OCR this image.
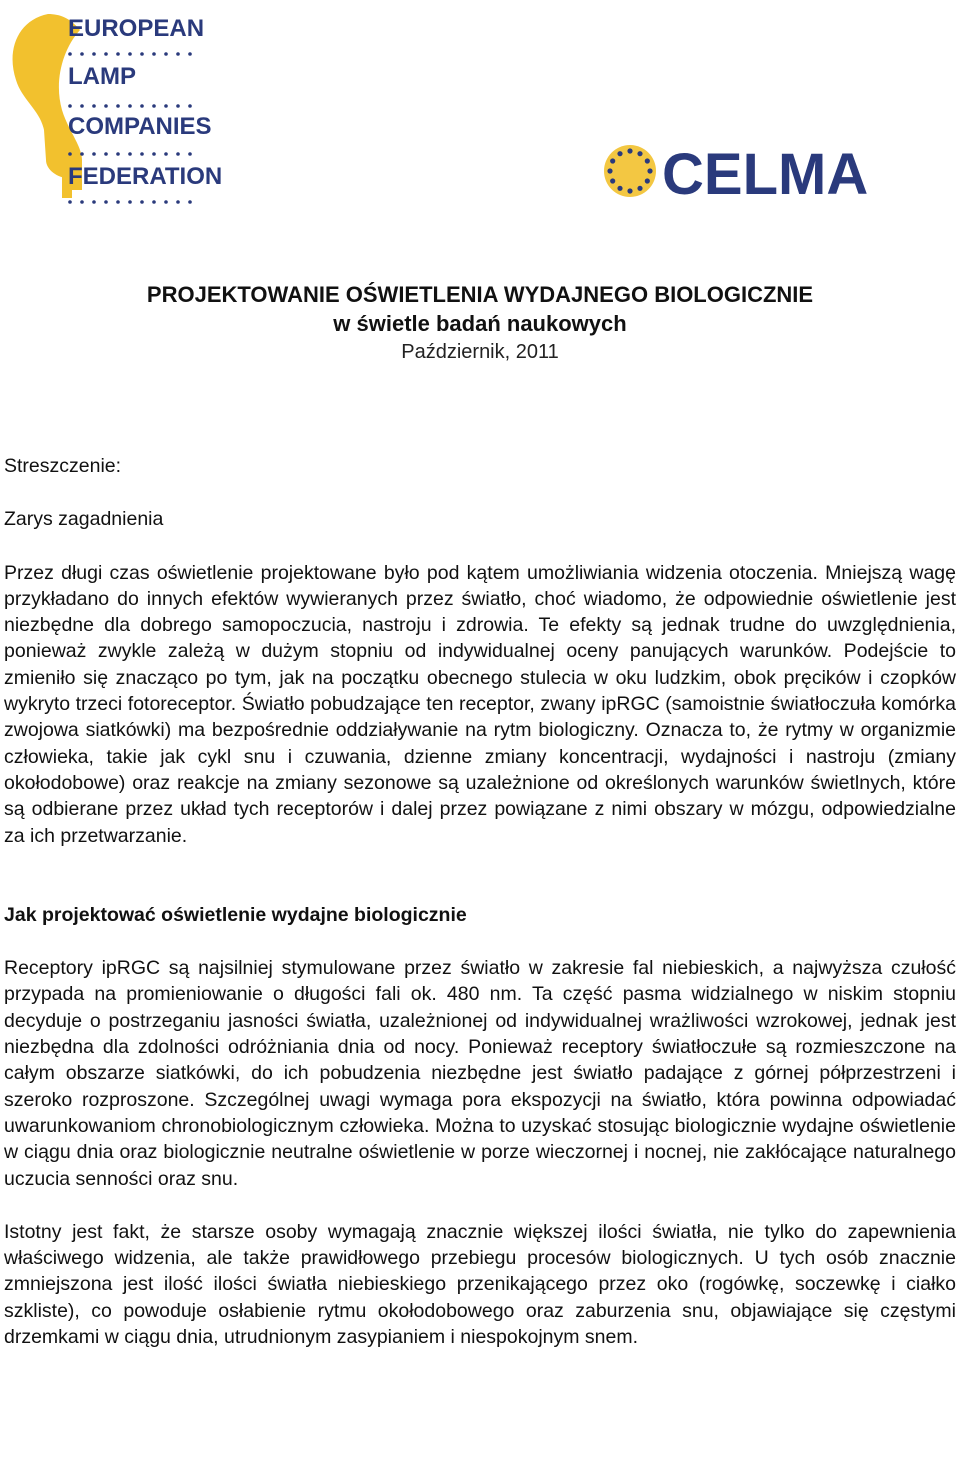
EUROPEAN
LAMP
COMPANIES
FEDERATION	CELMA

PROJEKTOWANIE OŚWIETLENIA WYDAJNEGO BIOLOGICZNIE

w świetle badań naukowych

Październik, 2011

Streszczenie:

Zarys zagadnienia

Przez długi czas oświetlenie projektowane było pod kątem umożliwiania widzenia otoczenia. Mniejszą wagę przykładano do innych efektów wywieranych przez światło, choć wiadomo, że odpowiednie oświetlenie jest niezbędne dla dobrego samopoczucia, nastroju i zdrowia. Te efekty są jednak trudne do uwzględnienia, ponieważ zwykle zależą w dużym stopniu od indywidualnej oceny panujących warunków. Podejście to zmieniło się znacząco po tym, jak na początku obecnego stulecia w oku ludzkim, obok pręcików i czopków wykryto trzeci fotoreceptor. Światło pobudzające ten receptor, zwany ipRGC (samoistnie światłoczuła komórka zwojowa siatkówki) ma bezpośrednie oddziaływanie na rytm biologiczny. Oznacza to, że rytmy w organizmie człowieka, takie jak cykl snu i czuwania, dzienne zmiany koncentracji, wydajności i nastroju (zmiany okołodobowe) oraz reakcje na zmiany sezonowe są uzależnione od określonych warunków świetlnych, które są odbierane przez układ tych receptorów i dalej przez powiązane z nimi obszary w mózgu, odpowiedzialne za ich przetwarzanie.

Jak projektować oświetlenie wydajne biologicznie

Receptory ipRGC są najsilniej stymulowane przez światło w zakresie fal niebieskich, a najwyższa czułość przypada na promieniowanie o długości fali ok. 480 nm. Ta część pasma widzialnego w niskim stopniu decyduje o postrzeganiu jasności światła, uzależnionej od indywidualnej wrażliwości wzrokowej, jednak jest niezbędna dla zdolności odróżniania dnia od nocy. Ponieważ receptory światłoczułe są rozmieszczone na całym obszarze siatkówki, do ich pobudzenia niezbędne jest światło padające z górnej półprzestrzeni i szeroko rozproszone. Szczególnej uwagi wymaga pora ekspozycji na światło, która powinna odpowiadać uwarunkowaniom chronobiologicznym człowieka. Można to uzyskać stosując biologicznie wydajne oświetlenie w ciągu dnia oraz biologicznie neutralne oświetlenie w porze wieczornej i nocnej, nie zakłócające naturalnego uczucia senności oraz snu.

Istotny jest fakt, że starsze osoby wymagają znacznie większej ilości światła, nie tylko do zapewnienia właściwego widzenia, ale także prawidłowego przebiegu procesów biologicznych. U tych osób znacznie zmniejszona jest ilość ilości światła niebieskiego przenikającego przez oko (rogówkę, soczewkę i ciałko szkliste), co powoduje osłabienie rytmu okołodobowego oraz zaburzenia snu, objawiające się częstymi drzemkami w ciągu dnia, utrudnionym zasypianiem i niespokojnym snem.
